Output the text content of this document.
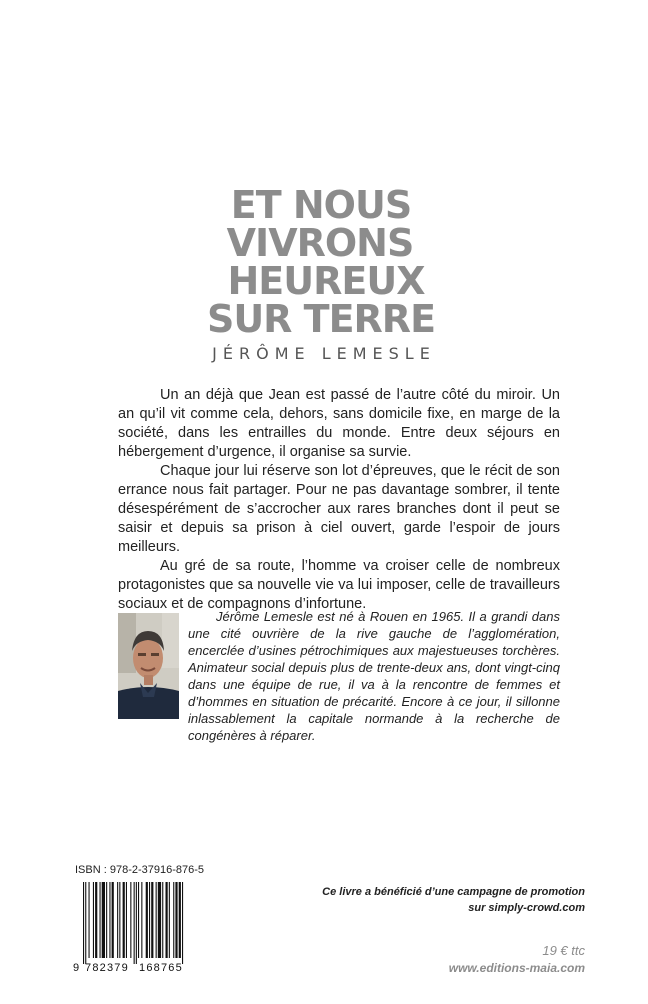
ET NOUS
VIVRONS
HEUREUX
SUR TERRE
JÉRÔME LEMESLE

Un an déjà que Jean est passé de l’autre côté du miroir. Un an qu’il vit comme cela, dehors, sans domicile fixe, en marge de la société, dans les entrailles du monde. Entre deux séjours en hébergement d’urgence, il organise sa survie.

Chaque jour lui réserve son lot d’épreuves, que le récit de son errance nous fait partager. Pour ne pas davantage sombrer, il tente désespérément de s’accrocher aux rares branches dont il peut se saisir et depuis sa prison à ciel ouvert, garde l’espoir de jours meilleurs.

Au gré de sa route, l’homme va croiser celle de nombreux protagonistes que sa nouvelle vie va lui imposer, celle de travailleurs sociaux et de compagnons d’infortune.

Jérôme Lemesle est né à Rouen en 1965. Il a grandi dans une cité ouvrière de la rive gauche de l’agglomération, encerclée d’usines pétrochimiques aux majestueuses torchères. Animateur social depuis plus de trente-deux ans, dont vingt-cinq dans une équipe de rue, il va à la rencontre de femmes et d’hommes en situation de précarité. Encore à ce jour, il sillonne inlassablement la capitale normande à la recherche de congénères à réparer.

ISBN : 978-2-37916-876-5
9 782379 168765
Ce livre a bénéficié d’une campagne de promotion
sur simply-crowd.com
19 € ttc
www.editions-maia.com
